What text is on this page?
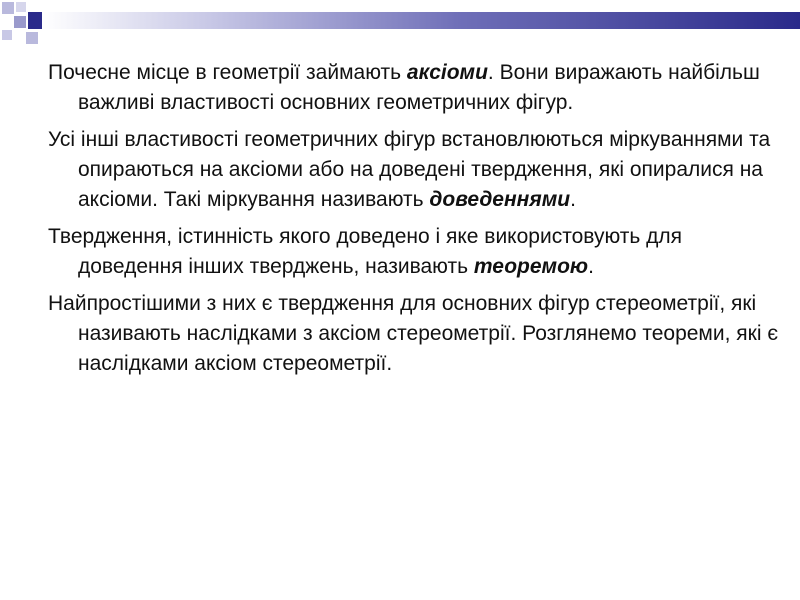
Почесне місце в геометрії займають аксіоми. Вони виражають найбільш важливі властивості основних геометричних фігур.

Усі інші властивості геометричних фігур встановлюються міркуваннями та опираються на аксіоми або на доведені твердження, які опиралися на аксіоми. Такі міркування називають доведеннями.

Твердження, істинність якого доведено і яке використовують для доведення інших тверджень, називають теоремою.

Найпростішими з них є твердження для основних фігур стереометрії, які називають наслідками з аксіом стереометрії. Розглянемо теореми, які є наслідками аксіом стереометрії.
